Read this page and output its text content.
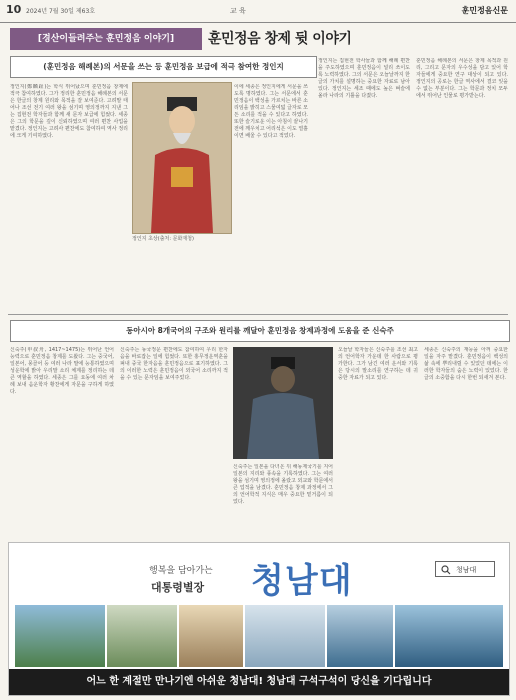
10 2024년 7월 30일 제63호	교 육	훈민정음신문
[경산이들려주는 훈민정음 이야기]	훈민정음 창제 뒷 이야기
(훈민정음 해례본)의 서문을 쓰는 등 훈민정음 보급에 적극 참여한 정인지
정인지(鄭麟趾)는 학식 뛰어났으며 훈민정음 창제에 적극 참여하였다. 그가 정리한 훈민정음 해례본의 서문은 한글의 창제 원리와 목적을 잘 보여준다. 고려말 태어나 조선 전기 여러 왕을 섬기며 영의정까지 지낸 그는 집현전 학자들과 함께 새 문자 보급에 힘썼다. 세종은 그의 학문을 깊이 신뢰하였으며 여러 편찬 사업을 맡겼다. 정인지는 고려사 편찬에도 참여하여 역사 정리에 크게 기여하였다.
정인지 초상(출처: 문화재청)
이에 세종은 정인지에게 서문을 쓰도록 명하였다. 그는 서문에서 훈민정음이 백성을 가르치는 바른 소리임을 밝히고 스물여덟 글자로 모든 소리를 적을 수 있다고 하였다. 또한 슬기로운 이는 아침이 끝나기 전에 깨우치고 어리석은 이도 열흘이면 배울 수 있다고 적었다.
정인지는 집현전 학사들과 함께 해례 편찬을 주도하였으며 훈민정음이 널리 쓰이도록 노력하였다. 그의 서문은 오늘날까지 한글의 가치를 설명하는 중요한 자료로 남아 있다. 정인지는 세조 때에도 높은 벼슬에 올라 나라의 기틀을 다졌다.
훈민정음 해례본의 서문은 창제 목적과 원리, 그리고 문자의 우수성을 담고 있어 학자들에게 중요한 연구 대상이 되고 있다. 정인지의 공로는 한글 역사에서 결코 잊을 수 없는 부분이다. 그는 학문과 정치 모두에서 뛰어난 인물로 평가받는다.
동아시아 8개국어의 구조와 원리를 깨달아 훈민정음 창제과정에 도움을 준 신숙주
신숙주(申叔舟, 1417~1475)는 뛰어난 언어 능력으로 훈민정음 창제를 도왔다. 그는 중국어, 일본어, 몽골어 등 여러 나라 말에 능통하였으며 성운학에 밝아 우리말 소리 체계를 정리하는 데 큰 역할을 하였다. 세종은 그를 요동에 여러 차례 보내 음운학자 황찬에게 자문을 구하게 하였다.
신숙주는 동국정운 편찬에도 참여하여 우리 한자음을 바로잡는 일에 힘썼다. 또한 홍무정운역훈을 펴내 중국 한자음을 훈민정음으로 표기하였다. 그의 이러한 노력은 훈민정음이 외국어 소리까지 적을 수 있는 문자임을 보여주었다.
신숙주는 일본을 다녀온 뒤 해동제국기를 지어 일본의 지리와 풍속을 기록하였다. 그는 여러 왕을 섬기며 영의정에 올랐고 외교와 학문에서 큰 업적을 남겼다. 훈민정음 창제 과정에서 그의 언어학적 지식은 매우 중요한 밑거름이 되었다.
오늘날 학자들은 신숙주를 조선 최고의 언어학자 가운데 한 사람으로 평가한다. 그가 남긴 여러 운서와 기록은 당시의 말소리를 연구하는 데 귀중한 자료가 되고 있다.
세종은 신숙주의 재능을 아껴 중요한 일을 자주 맡겼다. 훈민정음이 백성의 삶 속에 뿌리내릴 수 있었던 데에는 이러한 학자들의 숨은 노력이 있었다. 한글의 소중함을 다시 한번 되새겨 본다.
행복을 담아가는
대통령별장 청남대	청남대
어느 한 계절만 만나기엔 아쉬운 청남대! 청남대 구석구석이 당신을 기다립니다
